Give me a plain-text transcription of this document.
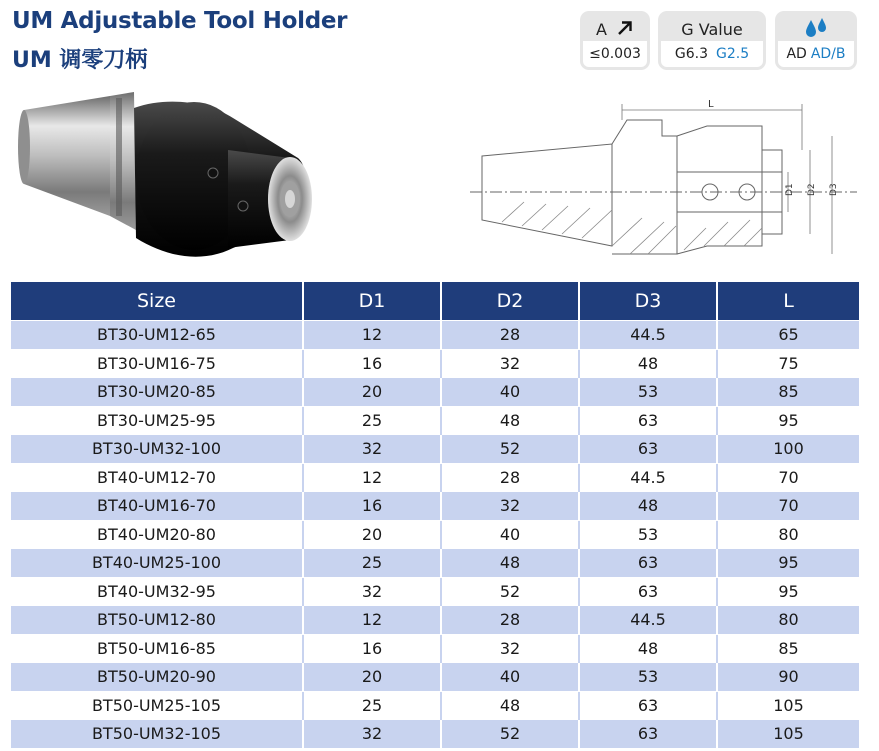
UM Adjustable Tool Holder
UM 调零刀柄
A
≤0.003
G Value
G6.3 G2.5	AD AD/B
L
D1 D2 D3
Size	D1	D2	D3	L
BT30-UM12-65	12	28	44.5	65
BT30-UM16-75	16	32	48	75
BT30-UM20-85	20	40	53	85
BT30-UM25-95	25	48	63	95
BT30-UM32-100	32	52	63	100
BT40-UM12-70	12	28	44.5	70
BT40-UM16-70	16	32	48	70
BT40-UM20-80	20	40	53	80
BT40-UM25-100	25	48	63	95
BT40-UM32-95	32	52	63	95
BT50-UM12-80	12	28	44.5	80
BT50-UM16-85	16	32	48	85
BT50-UM20-90	20	40	53	90
BT50-UM25-105	25	48	63	105
BT50-UM32-105	32	52	63	105
